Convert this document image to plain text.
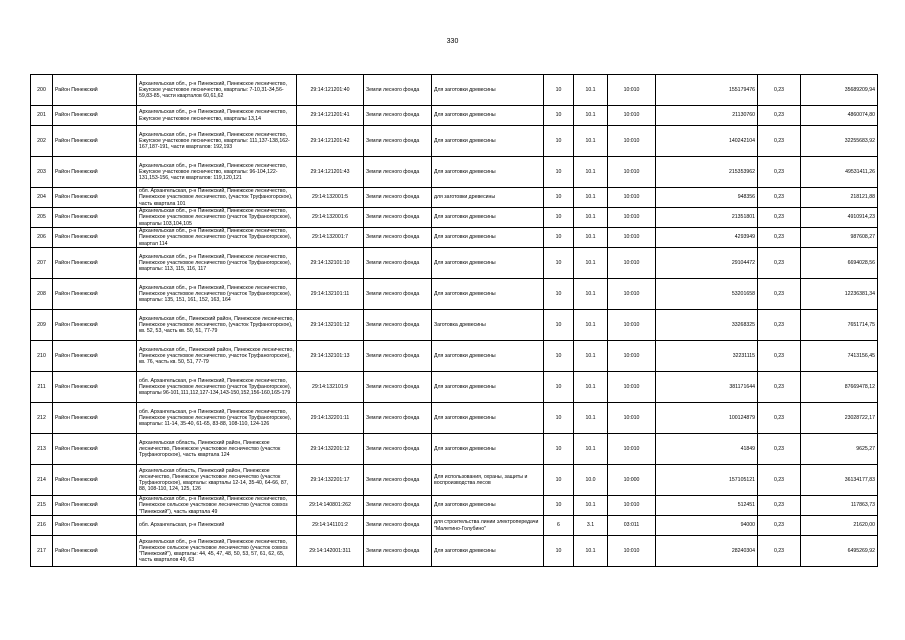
330
200	Район Пинежский	Архангельская обл., р-н Пинежский, Пинежское лесничество, Ежугское участковое лесничество, кварталы: 7-10,31-34,56-59,83-85, части кварталов 60,61,62	29:14:121201:40	Земли лесного фонда	Для заготовки древесины	10	10.1	10:010	155179476	0,23	35689209,94
201	Район Пинежский	Архангельская обл., р-н Пинежский, Пинежское лесничество, Ежугское участковое лесничество, кварталы 13,14	29:14:121201:41	Земли лесного фонда	Для заготовки древесины	10	10.1	10:010	21130760	0,23	4860074,80
202	Район Пинежский	Архангельская обл., р-н Пинежский, Пинежское лесничество, Ежугское участковое лесничество, кварталы: 111,137-138,162-167,187-191, части кварталов: 192,193	29:14:121201:42	Земли лесного фонда	Для заготовки древесины	10	10.1	10:010	140242104	0,23	32255683,92
203	Район Пинежский	Архангельская обл., р-н Пинежский, Пинежское лесничество, Ежугское участковое лесничество, кварталы: 96-104,122-131,153-156, части кварталов: 119,120,121	29:14:121201:43	Земли лесного фонда	Для заготовки древесины	10	10.1	10:010	215353962	0,23	49531411,26
204	Район Пинежский	обл. Архангельская, р-н Пинежский, Пинежское лесничество, Пинежское участковое лесничество, (участок Труфаногорское), часть квартала 101	29:14:132001:5	Земли лесного фонда	для заготовки древесины	10	10.1	10:010	948356	0,23	218121,88
205	Район Пинежский	Архангельская обл., р-н Пинежский, Пинежское лесничество, Пинежское участковое лесничество (участок Труфаногорское), кварталы 103,104,105	29:14:132001:6	Земли лесного фонда	Для заготовки древесины	10	10.1	10:010	21351801	0,23	4910914,23
206	Район Пинежский	Архангельская обл., р-н Пинежский, Пинежское лесничество, Пинежское участковое лесничество (участок Труфаногорское), квартал 114	29:14:132001:7	Земли лесного фонда	Для заготовки древесины	10	10.1	10:010	4293949	0,23	987608,27
207	Район Пинежский	Архангельская обл., р-н Пинежский, Пинежское лесничество, Пинежское участковое лесничество (участок Труфаногорское), кварталы: 113, 115, 116, 117	29:14:132101:10	Земли лесного фонда	Для заготовки древесины	10	10.1	10:010	29104472	0,23	6694028,56
208	Район Пинежский	Архангельская обл., р-н Пинежский, Пинежское лесничество, Пинежское участковое лесничество (участок Труфаногорское), кварталы: 135, 151, 161, 152, 163, 164	29:14:132101:11	Земли лесного фонда	Для заготовки древесины	10	10.1	10:010	53201658	0,23	12236381,34
209	Район Пинежский	Архангельская обл., Пинежский район, Пинежское лесничество, Пинежское участковое лесничество, (участок Труфаногорское), кв. 52, 53, часть кв. 50, 51, 77-79	29:14:132101:12	Земли лесного фонда	Заготовка древесины	10	10.1	10:010	33268325	0,23	7651714,75
210	Район Пинежский	Архангельская обл., Пинежский район, Пинежское лесничество, Пинежское участковое лесничество, участок Труфаногорское), кв. 76, часть кв. 50, 51, 77-79	29:14:132101:13	Земли лесного фонда	Для заготовки древесины	10	10.1	10:010	32231115	0,23	7413156,45
211	Район Пинежский	обл. Архангельская, р-н Пинежский, Пинежское лесничество, Пинежское участковое лесничество (участок Труфаногорское), кварталы 96-101,111,112,127-134,143-150,152,156-160,165-179	29:14:132101:9	Земли лесного фонда	Для заготовки древесины	10	10.1	10:010	381171644	0,23	87669478,12
212	Район Пинежский	обл. Архангельская, р-н Пинежский, Пинежское лесничество, Пинежское участковое лесничество (участок Труфаногорское), кварталы: 11-14, 35-40, 61-65, 83-88, 108-110, 124-126	29:14:132201:11	Земли лесного фонда	Для заготовки древесины	10	10.1	10:010	100124879	0,23	23028722,17
213	Район Пинежский	Архангельская область, Пинежский район, Пинежское лесничество, Пинежское участковое лесничество (участок Труфаногорское), часть квартала 124	29:14:132201:12	Земли лесного фонда	Для заготовки древесины	10	10.1	10:010	41849	0,23	9625,27
214	Район Пинежский	Архангельская область, Пинежский район, Пинежское лесничество, Пинежское участковое лесничество (участок Труфаногорское), кварталы: кварталы 12-14, 35-40, 64-66, 87, 88, 108-110, 124, 125, 126	29:14:132201:17	Земли лесного фонда	Для использования, охраны, защиты и воспроизводства лесов	10	10.0	10:000	157105121	0,23	36134177,83
215	Район Пинежский	Архангельская обл., р-н Пинежский, Пинежское лесничество, Пинежское сельское участковое лесничество (участок совхоз "Пинежский"), часть квартала 49	29:14:140801:262	Земли лесного фонда	Для заготовки древесины	10	10.1	10:010	512451	0,23	117863,73
216	Район Пинежский	обл. Архангельская, р-н Пинежский	29:14:141101:2	Земли лесного фонда	для строительства линии электропередачи "Малетино-Голубино"	6	3.1	03:011	94000	0,23	21620,00
217	Район Пинежский	Архангельская обл., р-н Пинежский, Пинежское лесничество, Пинежское сельское участковое лесничество (участок совхоз "Пинежский"), кварталы: 44, 45, 47, 48, 50, 53, 57, 61, 62, 65, часть кварталов 49, 63	29:14:142001:311	Земли лесного фонда	Для заготовки древесины	10	10.1	10:010	28240304	0,23	6495269,92
